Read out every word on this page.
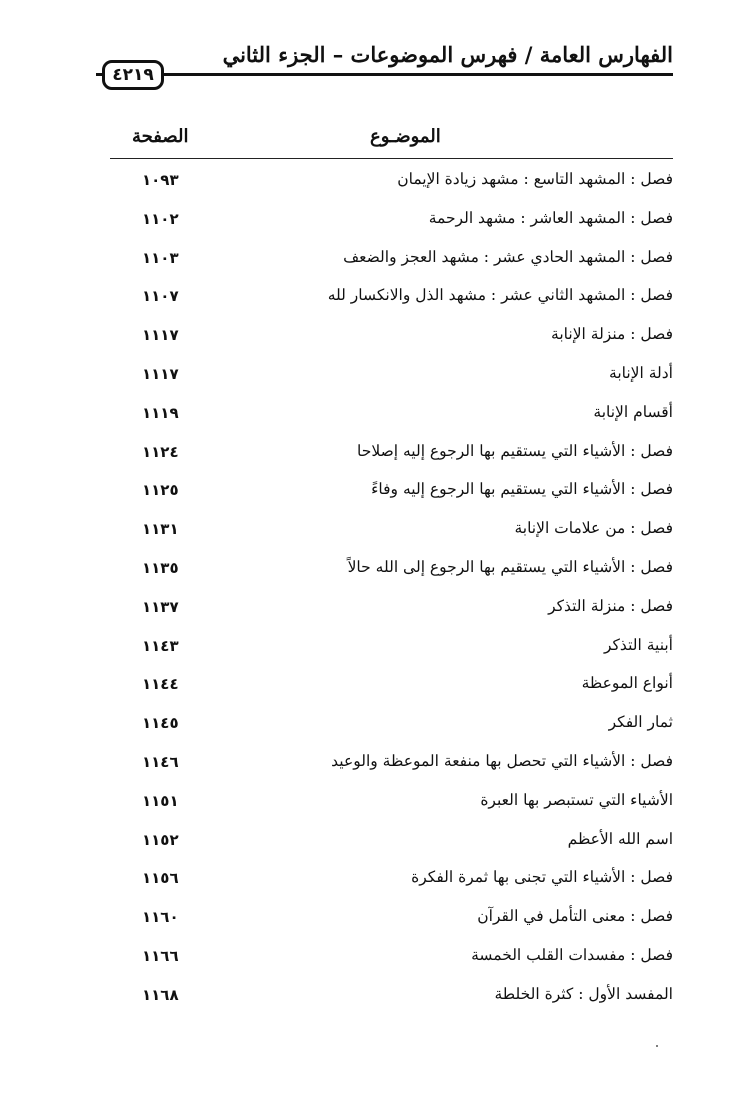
الفهارس العامة / فهرس الموضوعات – الجزء الثاني
٤٢١٩
الموضـوع
الصفحة
فصل : المشهد التاسع : مشهد زيادة الإيمان
١٠٩٣
فصل : المشهد العاشر : مشهد الرحمة
١١٠٢
فصل : المشهد الحادي عشر : مشهد العجز والضعف
١١٠٣
فصل : المشهد الثاني عشر : مشهد الذل والانكسار لله
١١٠٧
فصل : منزلة الإنابة
١١١٧
أدلة الإنابة
١١١٧
أقسام الإنابة
١١١٩
فصل : الأشياء التي يستقيم بها الرجوع إليه إصلاحا
١١٢٤
فصل : الأشياء التي يستقيم بها الرجوع إليه وفاءً
١١٢٥
فصل : من علامات الإنابة
١١٣١
فصل : الأشياء التي يستقيم بها الرجوع إلى الله حالاً
١١٣٥
فصل : منزلة التذكر
١١٣٧
أبنية التذكر
١١٤٣
أنواع الموعظة
١١٤٤
ثمار الفكر
١١٤٥
فصل : الأشياء التي تحصل بها منفعة الموعظة والوعيد
١١٤٦
الأشياء التي تستبصر بها العبرة
١١٥١
اسم الله الأعظم
١١٥٢
فصل : الأشياء التي تجنى بها ثمرة الفكرة
١١٥٦
فصل : معنى التأمل في القرآن
١١٦٠
فصل : مفسدات القلب الخمسة
١١٦٦
المفسد الأول : كثرة الخلطة
١١٦٨
